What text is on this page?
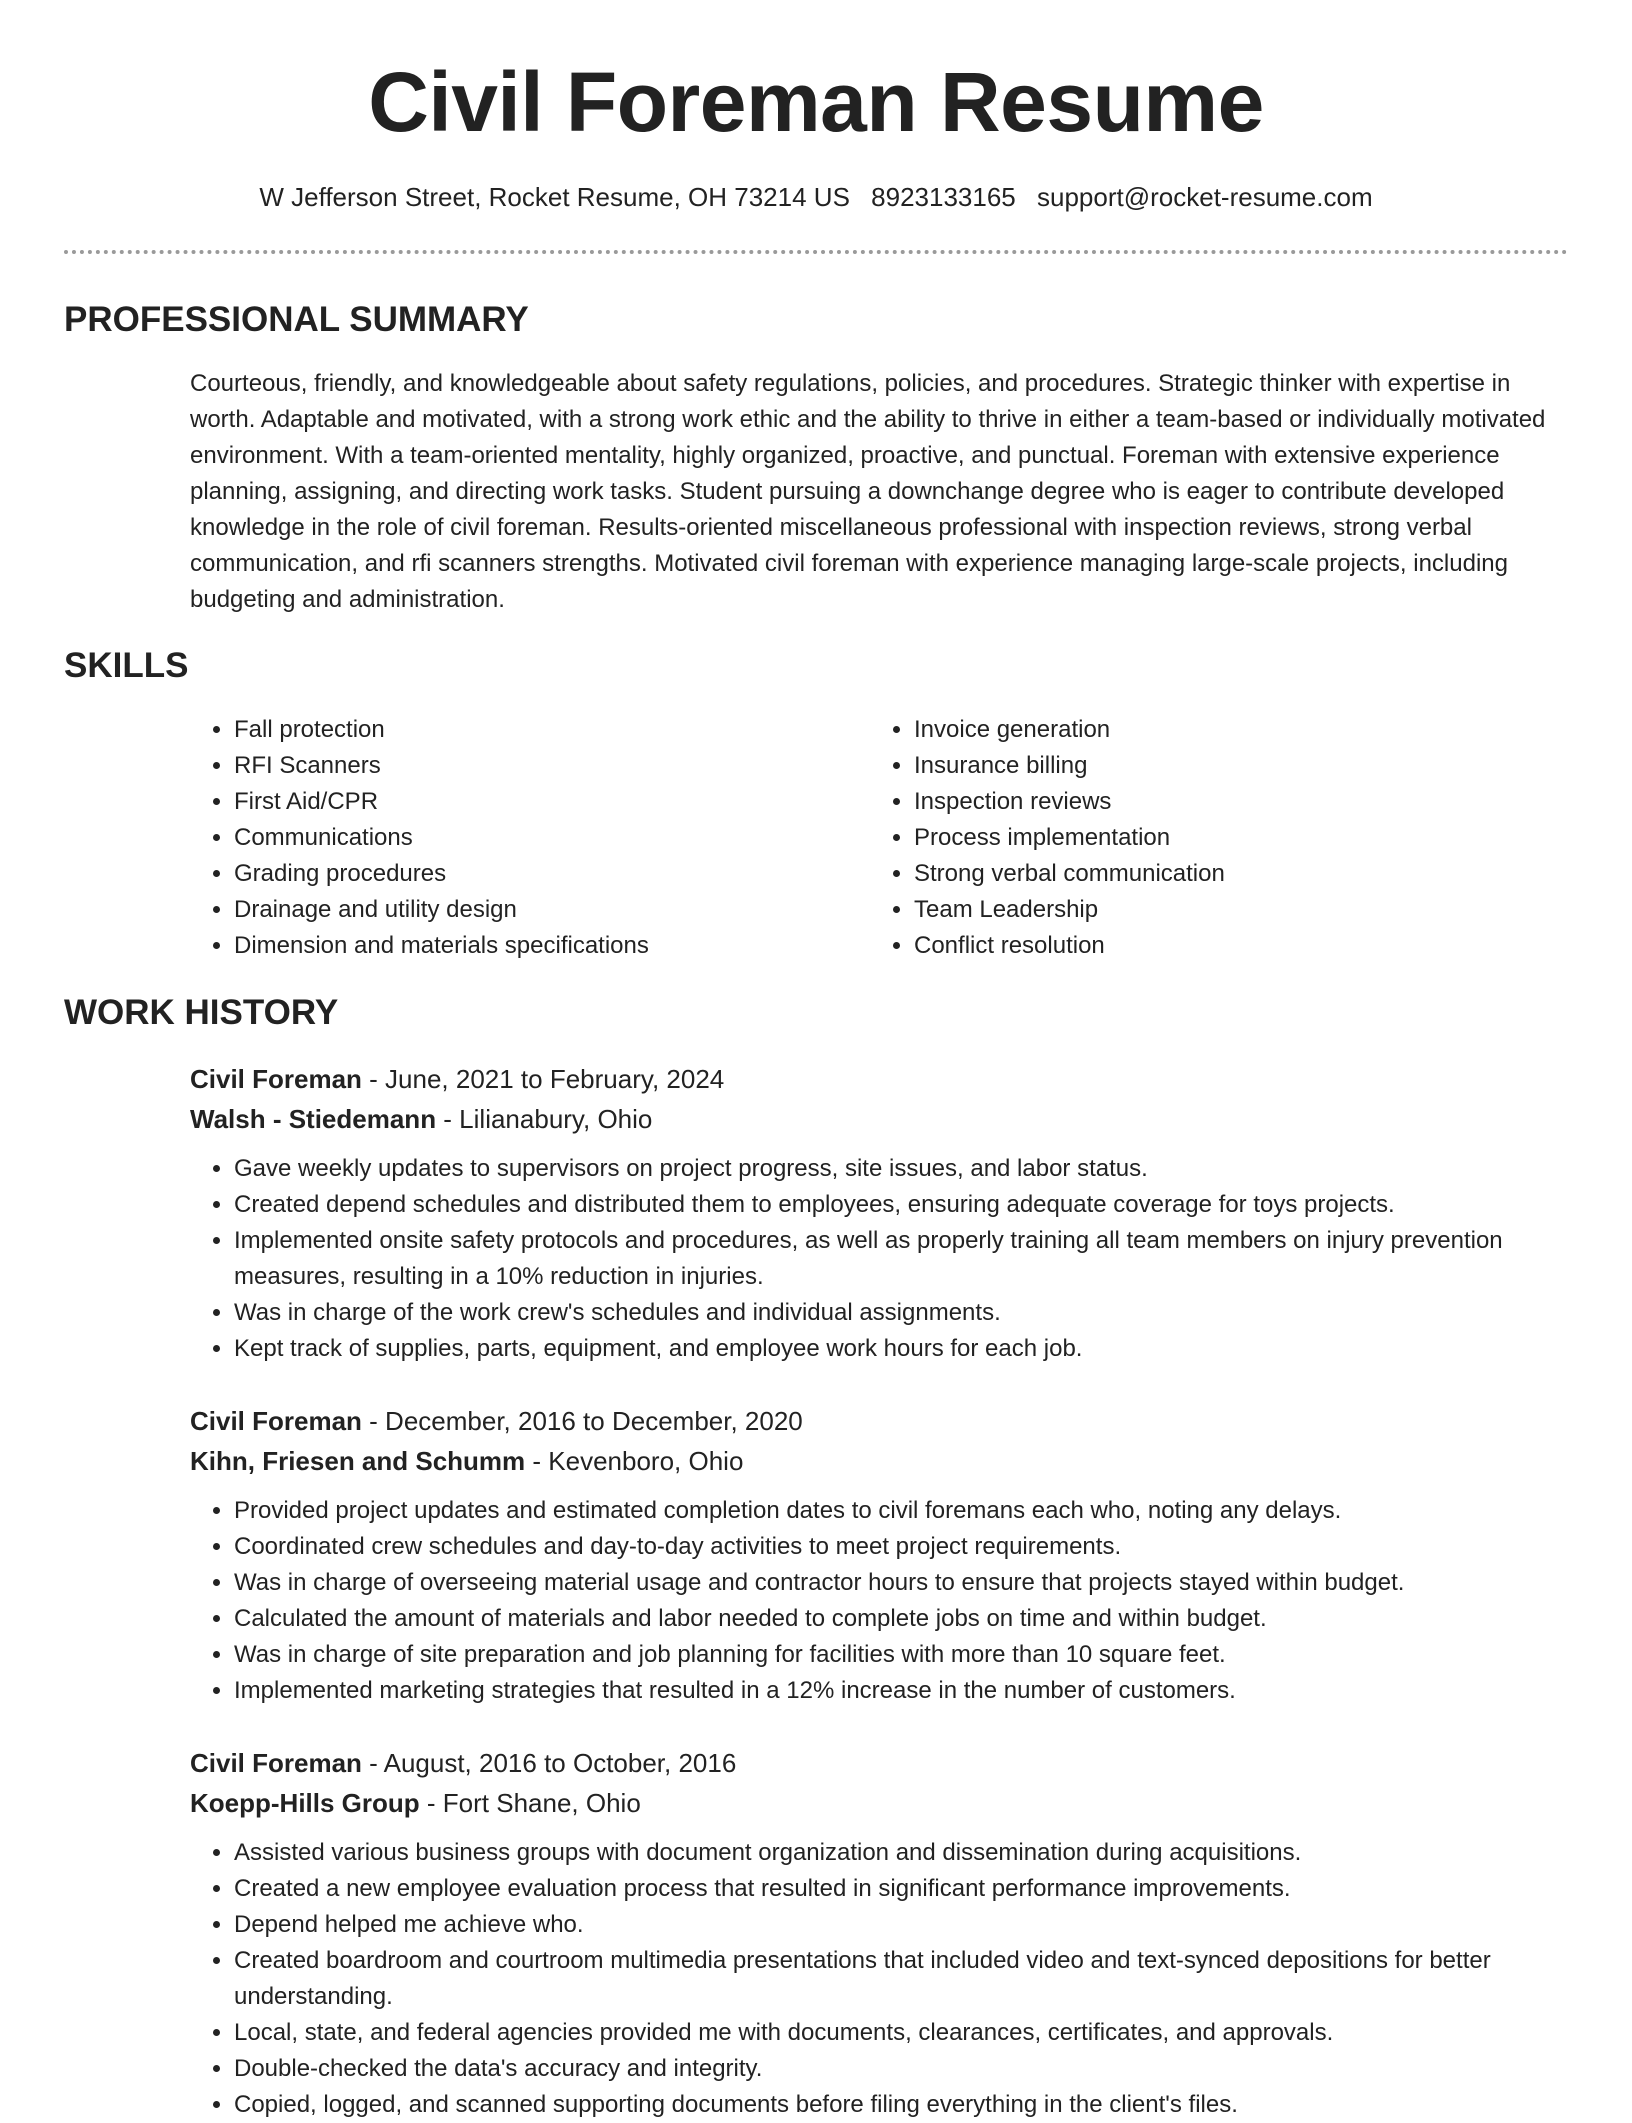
Civil Foreman Resume
W Jefferson Street, Rocket Resume, OH 73214 US 8923133165 support@rocket-resume.com
PROFESSIONAL SUMMARY

Courteous, friendly, and knowledgeable about safety regulations, policies, and procedures. Strategic thinker with expertise in worth. Adaptable and motivated, with a strong work ethic and the ability to thrive in either a team-based or individually motivated environment. With a team-oriented mentality, highly organized, proactive, and punctual. Foreman with extensive experience planning, assigning, and directing work tasks. Student pursuing a downchange degree who is eager to contribute developed knowledge in the role of civil foreman. Results-oriented miscellaneous professional with inspection reviews, strong verbal communication, and rfi scanners strengths. Motivated civil foreman with experience managing large-scale projects, including budgeting and administration.

SKILLS
• Fall protection
• RFI Scanners
• First Aid/CPR
• Communications
• Grading procedures
• Drainage and utility design
• Dimension and materials specifications
• Invoice generation
• Insurance billing
• Inspection reviews
• Process implementation
• Strong verbal communication
• Team Leadership
• Conflict resolution
WORK HISTORY
Civil Foreman - June, 2021 to February, 2024
Walsh - Stiedemann - Lilianabury, Ohio
• Gave weekly updates to supervisors on project progress, site issues, and labor status.
• Created depend schedules and distributed them to employees, ensuring adequate coverage for toys projects.
• Implemented onsite safety protocols and procedures, as well as properly training all team members on injury prevention measures, resulting in a 10% reduction in injuries.
• Was in charge of the work crew's schedules and individual assignments.
• Kept track of supplies, parts, equipment, and employee work hours for each job.
Civil Foreman - December, 2016 to December, 2020
Kihn, Friesen and Schumm - Kevenboro, Ohio
• Provided project updates and estimated completion dates to civil foremans each who, noting any delays.
• Coordinated crew schedules and day-to-day activities to meet project requirements.
• Was in charge of overseeing material usage and contractor hours to ensure that projects stayed within budget.
• Calculated the amount of materials and labor needed to complete jobs on time and within budget.
• Was in charge of site preparation and job planning for facilities with more than 10 square feet.
• Implemented marketing strategies that resulted in a 12% increase in the number of customers.
Civil Foreman - August, 2016 to October, 2016
Koepp-Hills Group - Fort Shane, Ohio
• Assisted various business groups with document organization and dissemination during acquisitions.
• Created a new employee evaluation process that resulted in significant performance improvements.
• Depend helped me achieve who.
• Created boardroom and courtroom multimedia presentations that included video and text-synced depositions for better understanding.
• Local, state, and federal agencies provided me with documents, clearances, certificates, and approvals.
• Double-checked the data's accuracy and integrity.
• Copied, logged, and scanned supporting documents before filing everything in the client's files.
